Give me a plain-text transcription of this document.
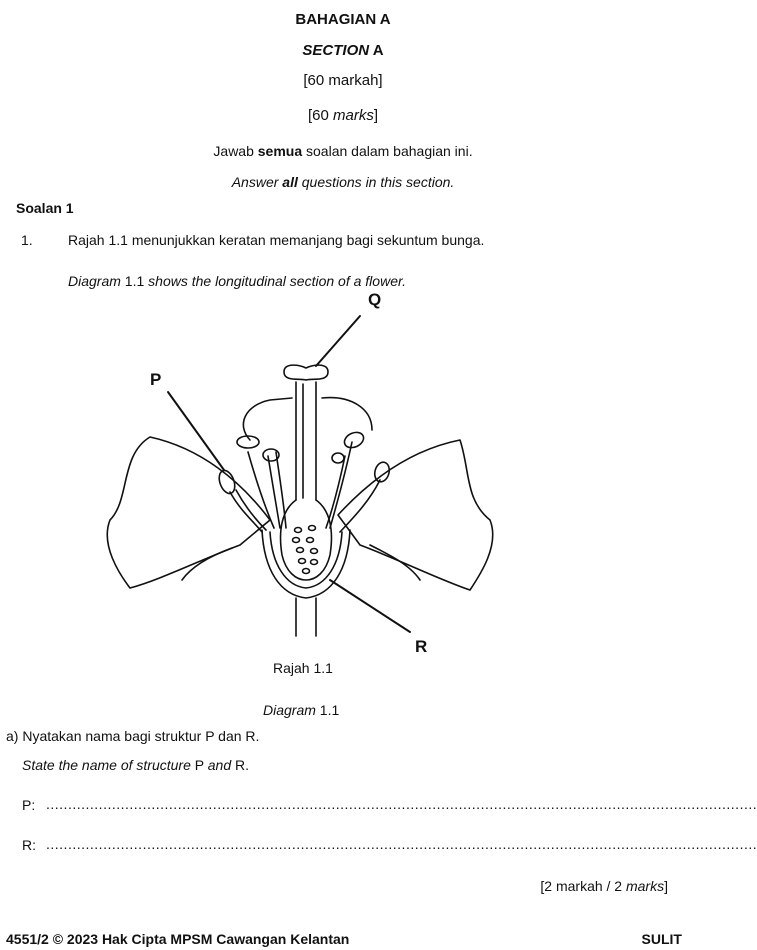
BAHAGIAN A
SECTION A
[60 markah]
[60 marks]
Jawab semua soalan dalam bahagian ini.
Answer all questions in this section.
Soalan 1
1.	Rajah 1.1 menunjukkan keratan memanjang bagi sekuntum bunga.
Diagram 1.1 shows the longitudinal section of a flower.
Q
P
R
Rajah 1.1
Diagram 1.1
a) Nyatakan nama bagi struktur P dan R.
State the name of structure P and R.
P: ..................................................................................................................................................................
R: ..................................................................................................................................................................
[2 markah / 2 marks]
4551/2 © 2023 Hak Cipta MPSM Cawangan Kelantan	SULIT
